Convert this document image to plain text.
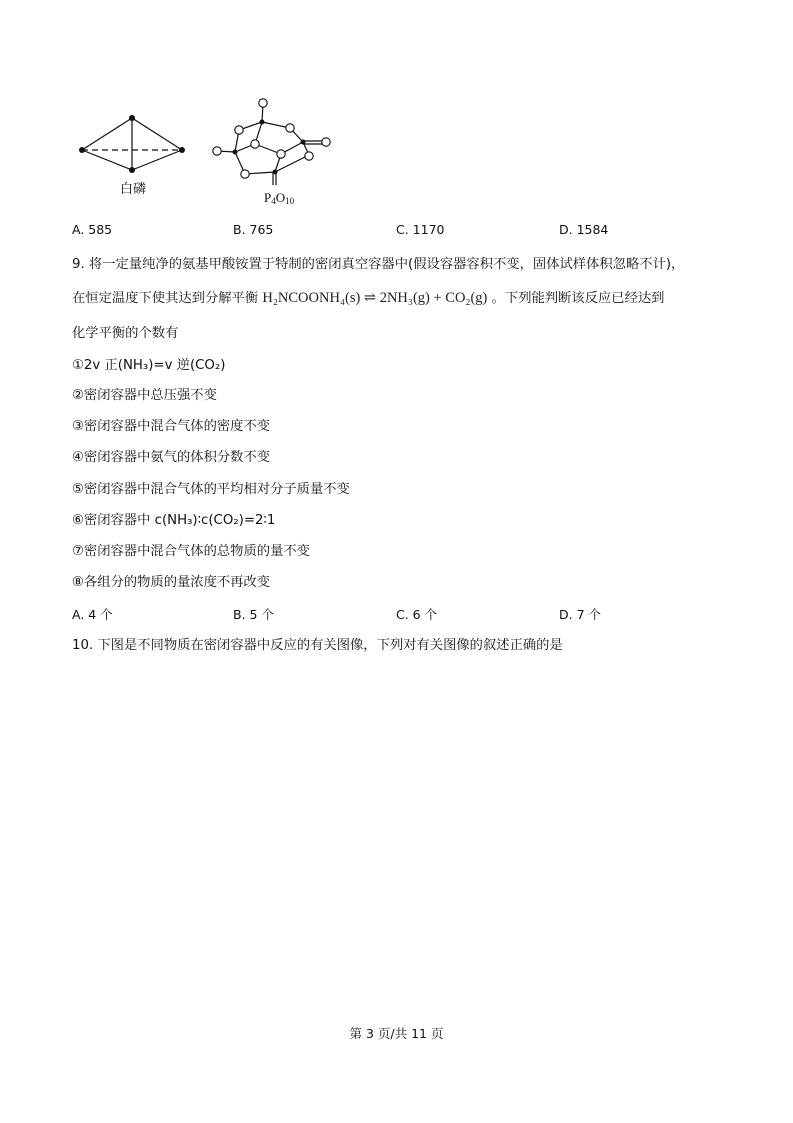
白磷
$P_4O_{10}$
A. 585	B. 765	C. 1170	D. 1584
9. 将一定量纯净的氨基甲酸铵置于特制的密闭真空容器中(假设容器容积不变，固体试样体积忽略不计)，
在恒定温度下使其达到分解平衡 H₂NCOONH₄(s) ⇌ 2NH₃(g) + CO₂(g) 。下列能判断该反应已经达到
化学平衡的个数有
①2v 正(NH₃)=v 逆(CO₂)
②密闭容器中总压强不变
③密闭容器中混合气体的密度不变
④密闭容器中氨气的体积分数不变
⑤密闭容器中混合气体的平均相对分子质量不变
⑥密闭容器中 c(NH₃)∶c(CO₂)=2∶1
⑦密闭容器中混合气体的总物质的量不变
⑧各组分的物质的量浓度不再改变
A. 4 个	B. 5 个	C. 6 个	D. 7 个
10. 下图是不同物质在密闭容器中反应的有关图像，下列对有关图像的叙述正确的是
第 3 页/共 11 页
